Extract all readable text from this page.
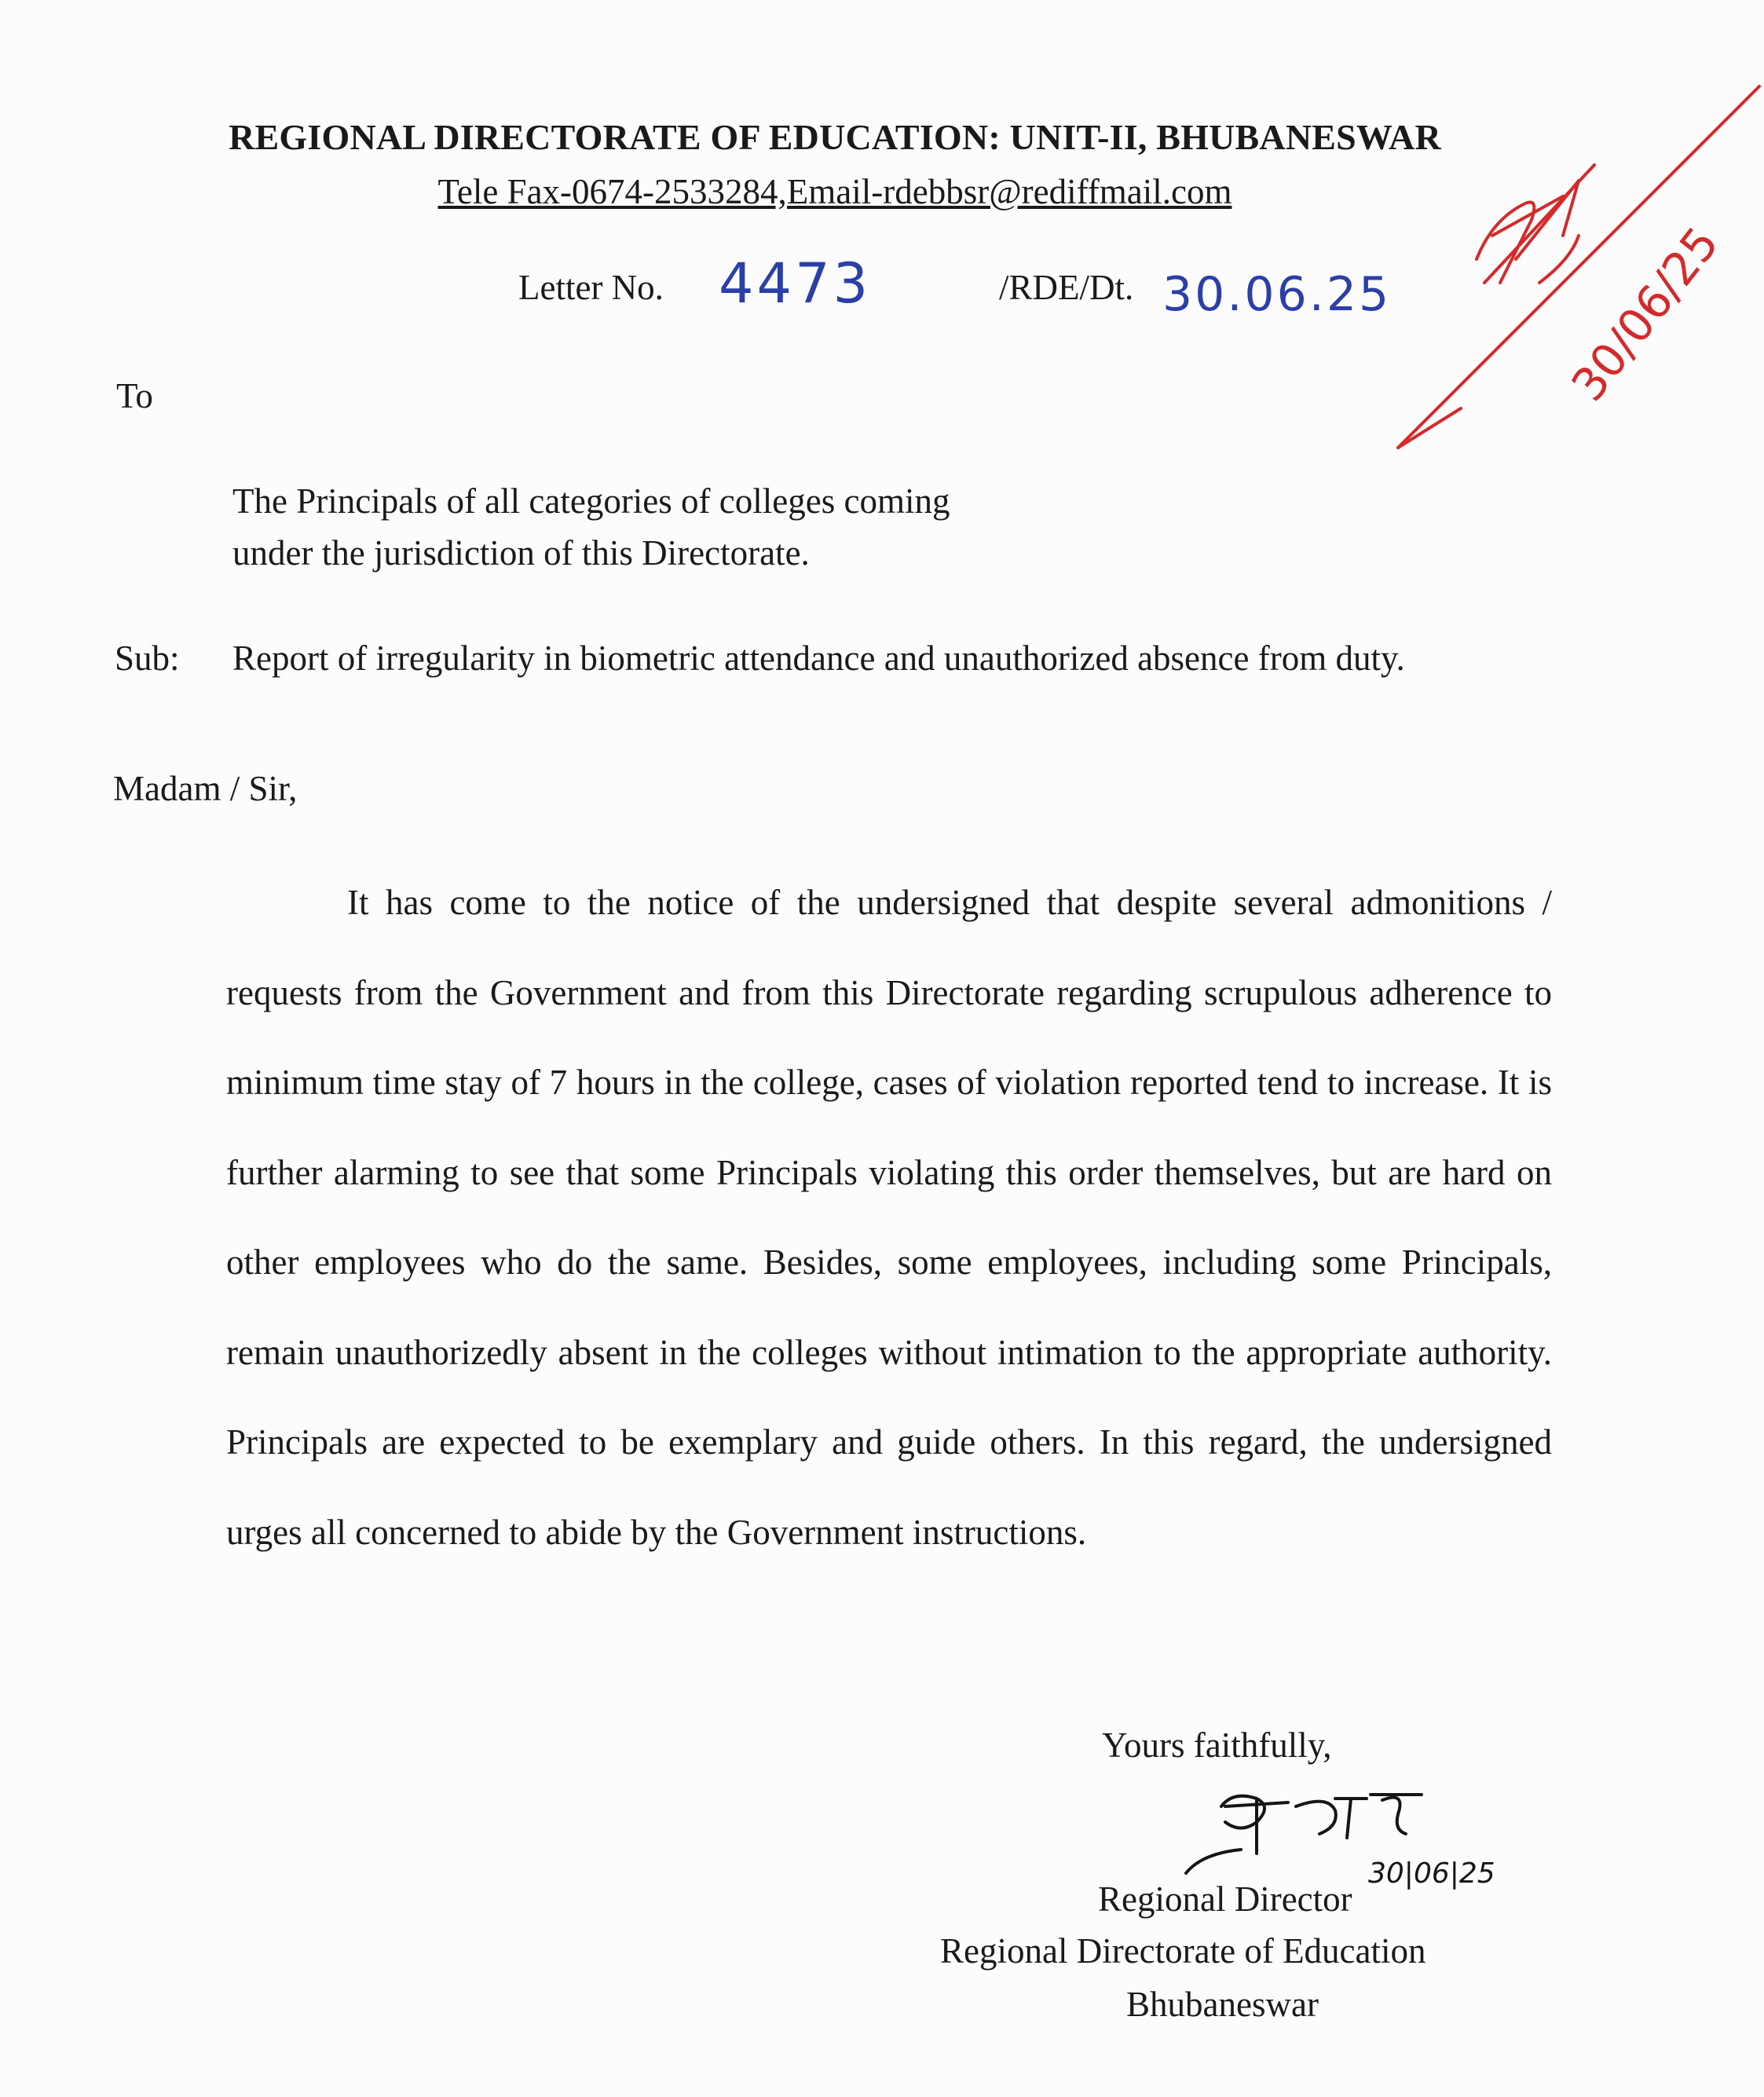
REGIONAL DIRECTORATE OF EDUCATION: UNIT-II, BHUBANESWAR
Tele Fax-0674-2533284,Email-rdebbsr@rediffmail.com
Letter No. 4473	/RDE/Dt. 30.06.25	30/06/25
To
The Principals of all categories of colleges coming
under the jurisdiction of this Directorate.
Sub: Report of irregularity in biometric attendance and unauthorized absence from duty.
Madam / Sir,
It has come to the notice of the undersigned that despite several admonitions / requests from the Government and from this Directorate regarding scrupulous adherence to minimum time stay of 7 hours in the college, cases of violation reported tend to increase. It is further alarming to see that some Principals violating this order themselves, but are hard on other employees who do the same. Besides, some employees, including some Principals, remain unauthorizedly absent in the colleges without intimation to the appropriate authority. Principals are expected to be exemplary and guide others. In this regard, the undersigned urges all concerned to abide by the Government instructions.
Yours faithfully,
30|06|25
Regional Director
Regional Directorate of Education
Bhubaneswar
